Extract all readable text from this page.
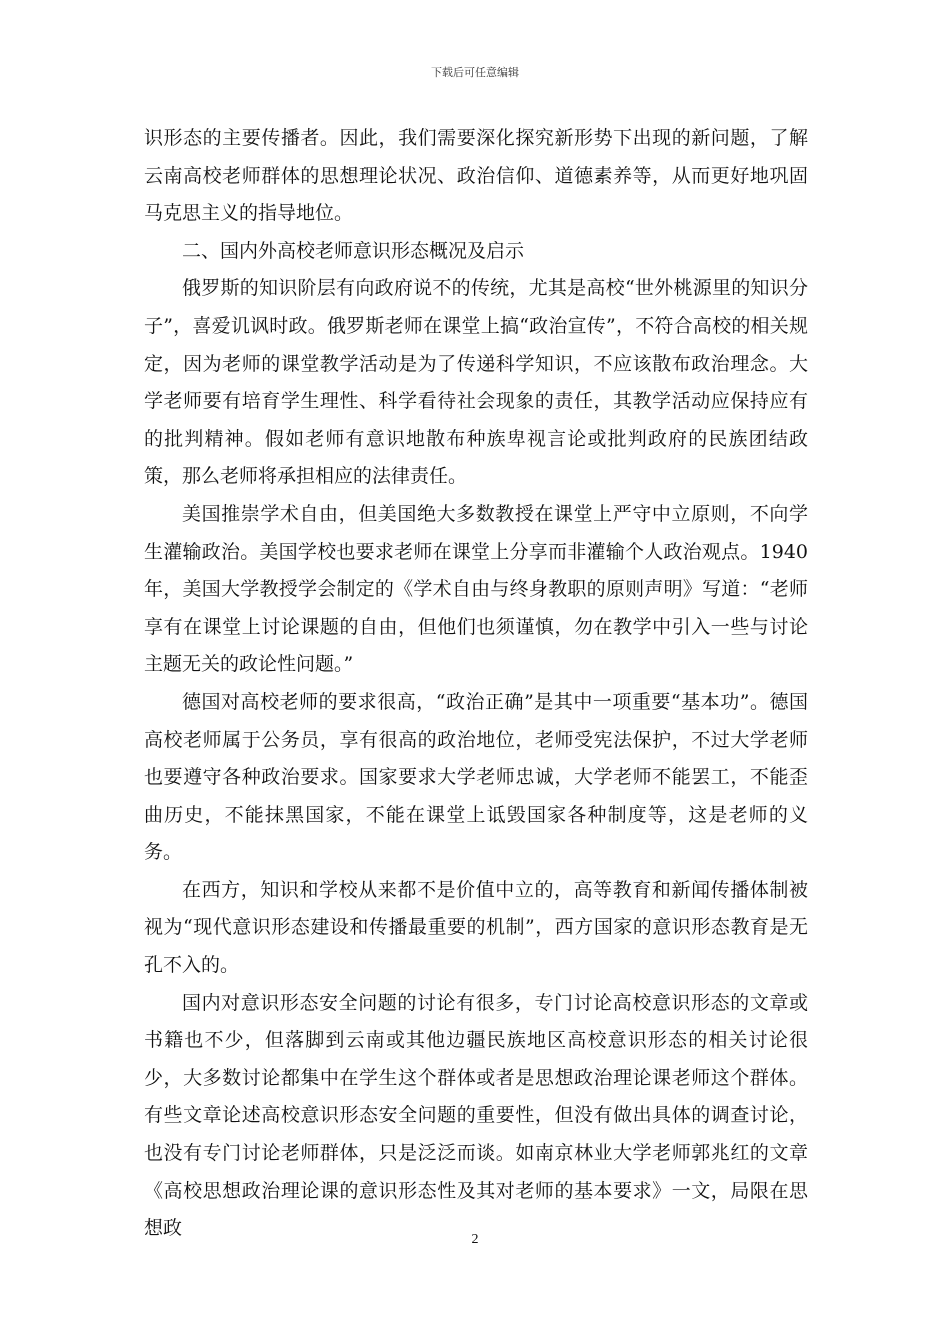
下载后可任意编辑

识形态的主要传播者。因此，我们需要深化探究新形势下出现的新问题，了解云南高校老师群体的思想理论状况、政治信仰、道德素养等，从而更好地巩固马克思主义的指导地位。

二、国内外高校老师意识形态概况及启示

俄罗斯的知识阶层有向政府说不的传统，尤其是高校“世外桃源里的知识分子”，喜爱讥讽时政。俄罗斯老师在课堂上搞“政治宣传”，不符合高校的相关规定，因为老师的课堂教学活动是为了传递科学知识，不应该散布政治理念。大学老师要有培育学生理性、科学看待社会现象的责任，其教学活动应保持应有的批判精神。假如老师有意识地散布种族卑视言论或批判政府的民族团结政策，那么老师将承担相应的法律责任。

美国推崇学术自由，但美国绝大多数教授在课堂上严守中立原则，不向学生灌输政治。美国学校也要求老师在课堂上分享而非灌输个人政治观点。1940年，美国大学教授学会制定的《学术自由与终身教职的原则声明》写道：“老师享有在课堂上讨论课题的自由，但他们也须谨慎，勿在教学中引入一些与讨论主题无关的政论性问题。”

德国对高校老师的要求很高，“政治正确”是其中一项重要“基本功”。德国高校老师属于公务员，享有很高的政治地位，老师受宪法保护，不过大学老师也要遵守各种政治要求。国家要求大学老师忠诚，大学老师不能罢工，不能歪曲历史，不能抹黑国家，不能在课堂上诋毁国家各种制度等，这是老师的义务。

在西方，知识和学校从来都不是价值中立的，高等教育和新闻传播体制被视为“现代意识形态建设和传播最重要的机制”，西方国家的意识形态教育是无孔不入的。

国内对意识形态安全问题的讨论有很多，专门讨论高校意识形态的文章或书籍也不少，但落脚到云南或其他边疆民族地区高校意识形态的相关讨论很少，大多数讨论都集中在学生这个群体或者是思想政治理论课老师这个群体。有些文章论述高校意识形态安全问题的重要性，但没有做出具体的调查讨论，也没有专门讨论老师群体，只是泛泛而谈。如南京林业大学老师郭兆红的文章《高校思想政治理论课的意识形态性及其对老师的基本要求》一文，局限在思想政

2
